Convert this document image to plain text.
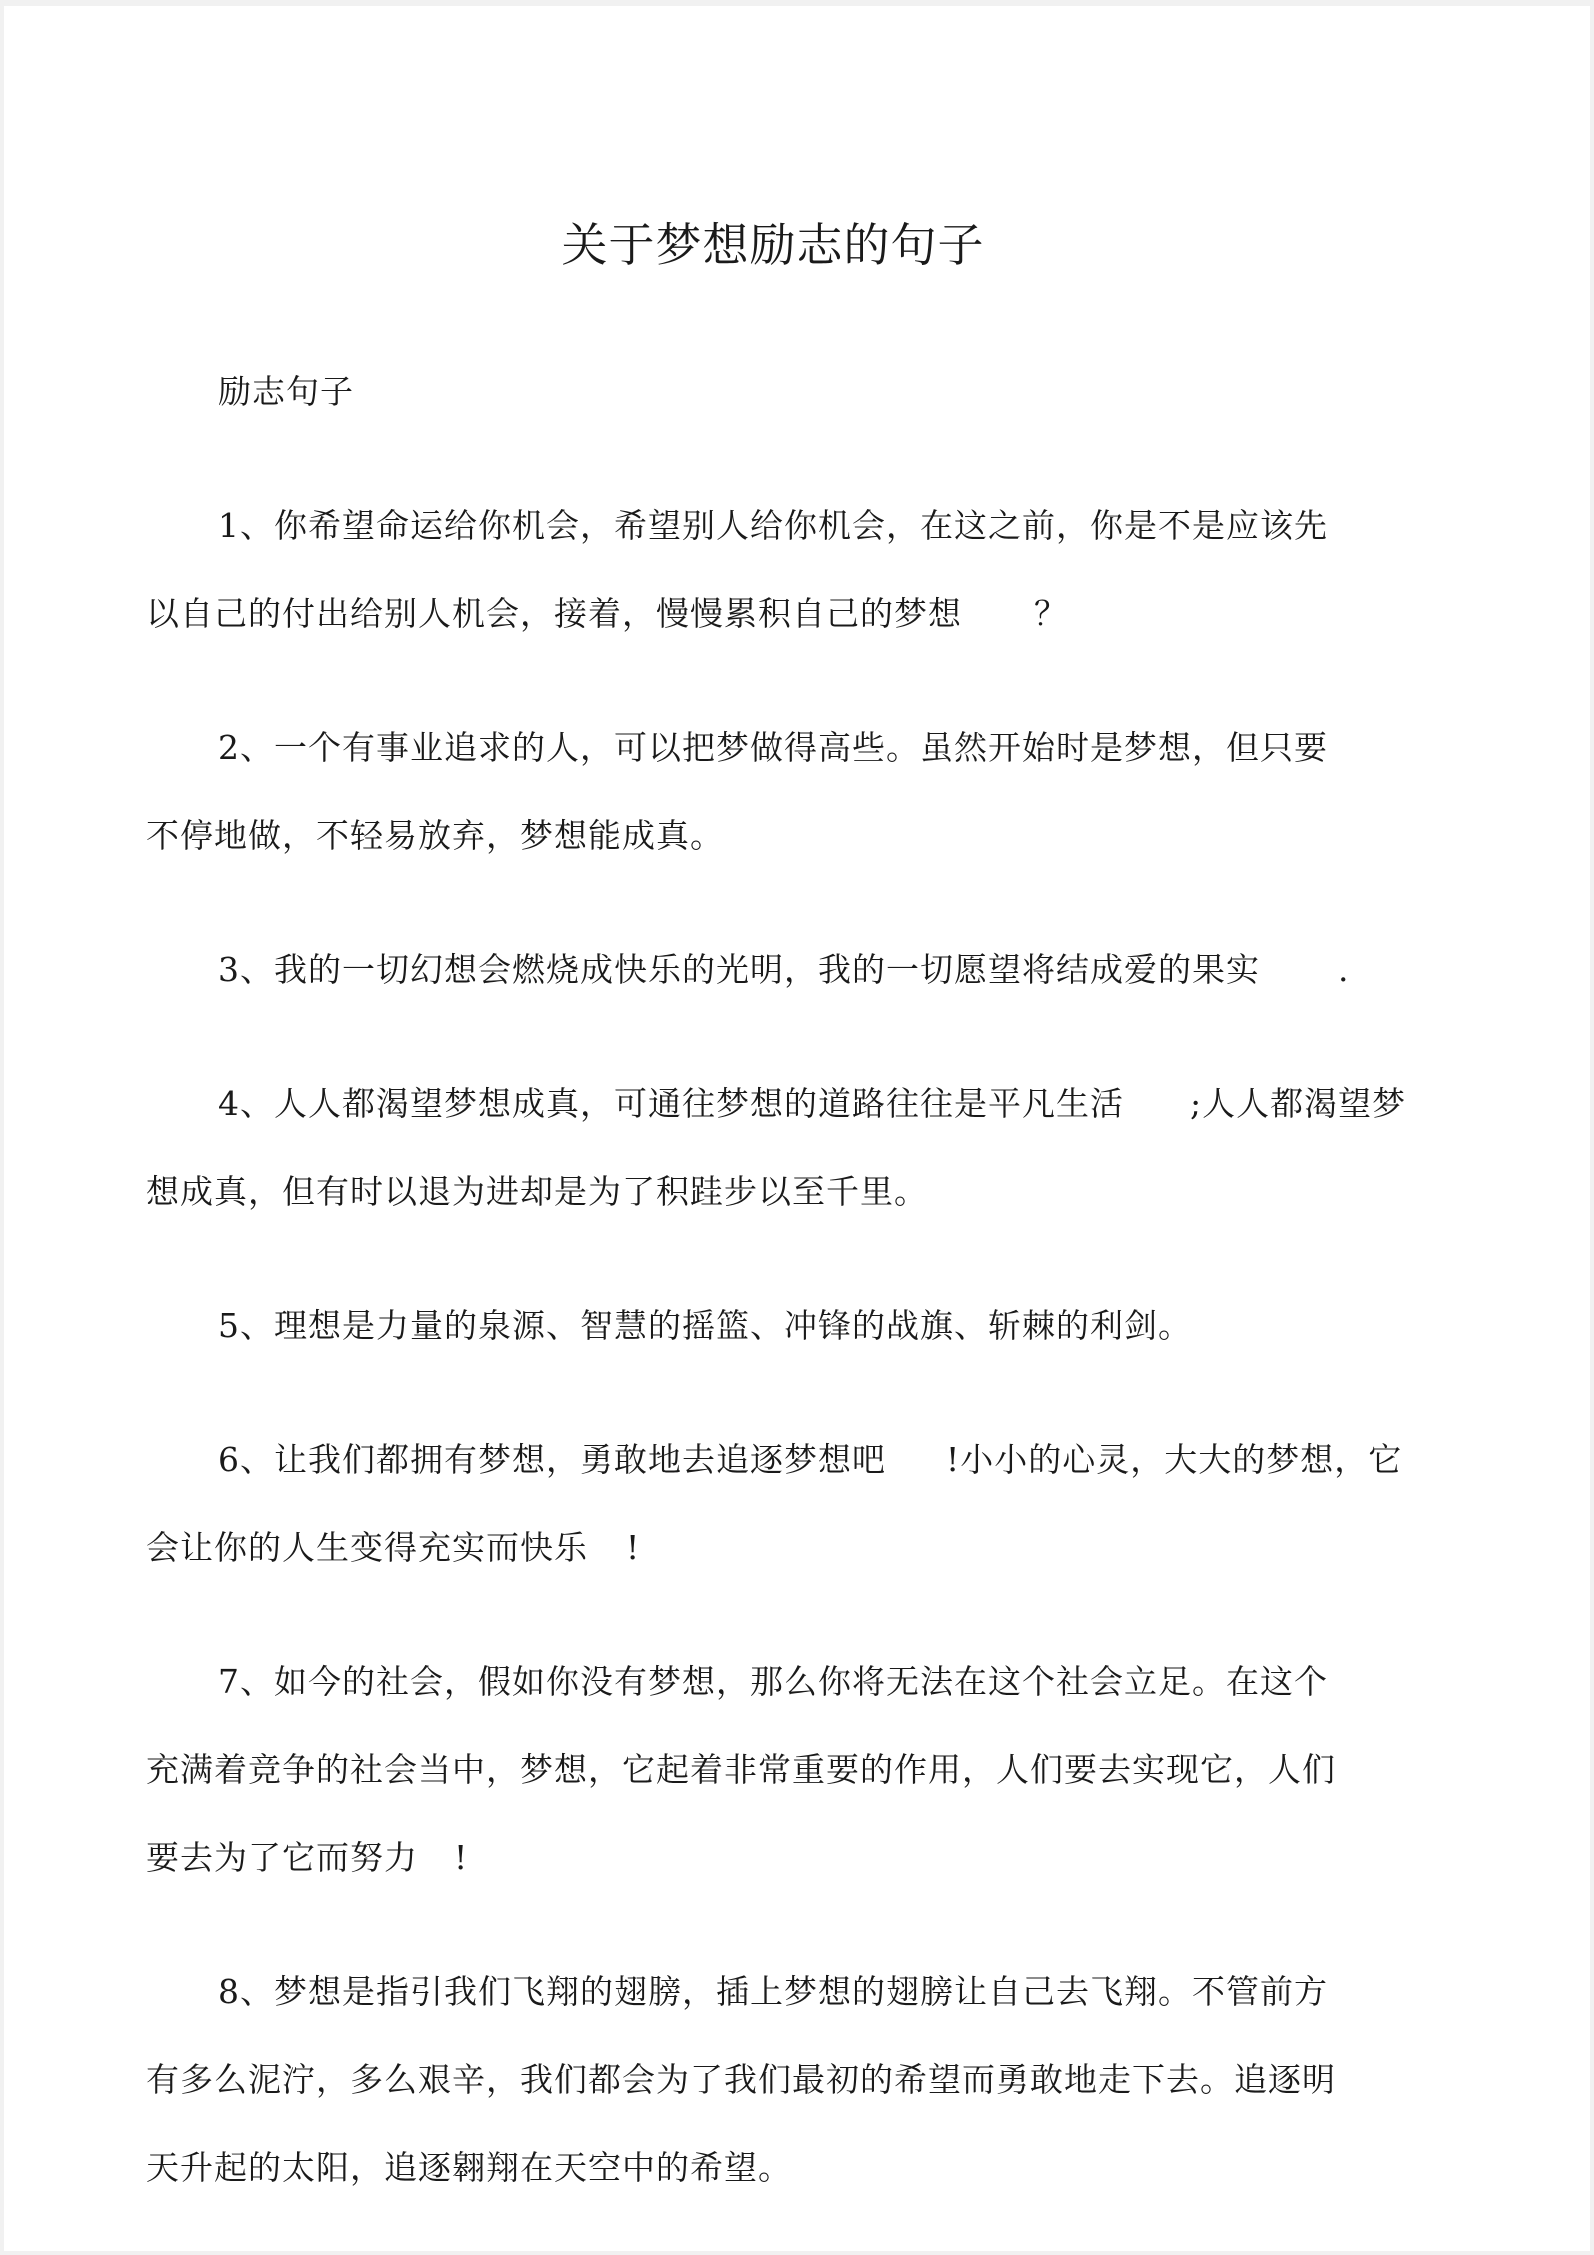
关于梦想励志的句子
励志句子
1、你希望命运给你机会，希望别人给你机会，在这之前，你是不是应该先
以自己的付出给别人机会，接着，慢慢累积自己的梦想 ？
2、一个有事业追求的人，可以把梦做得高些。虽然开始时是梦想，但只要
不停地做，不轻易放弃，梦想能成真。
3、我的一切幻想会燃烧成快乐的光明，我的一切愿望将结成爱的果实 .
4、人人都渴望梦想成真，可通往梦想的道路往往是平凡生活 ;人人都渴望梦
想成真，但有时以退为进却是为了积跬步以至千里。
5、理想是力量的泉源、智慧的摇篮、冲锋的战旗、斩棘的利剑。
6、让我们都拥有梦想，勇敢地去追逐梦想吧 !小小的心灵，大大的梦想，它
会让你的人生变得充实而快乐 !
7、如今的社会，假如你没有梦想，那么你将无法在这个社会立足。在这个
充满着竞争的社会当中，梦想，它起着非常重要的作用，人们要去实现它，人们
要去为了它而努力 !
8、梦想是指引我们飞翔的翅膀，插上梦想的翅膀让自己去飞翔。不管前方
有多么泥泞，多么艰辛，我们都会为了我们最初的希望而勇敢地走下去。追逐明
天升起的太阳，追逐翱翔在天空中的希望。
